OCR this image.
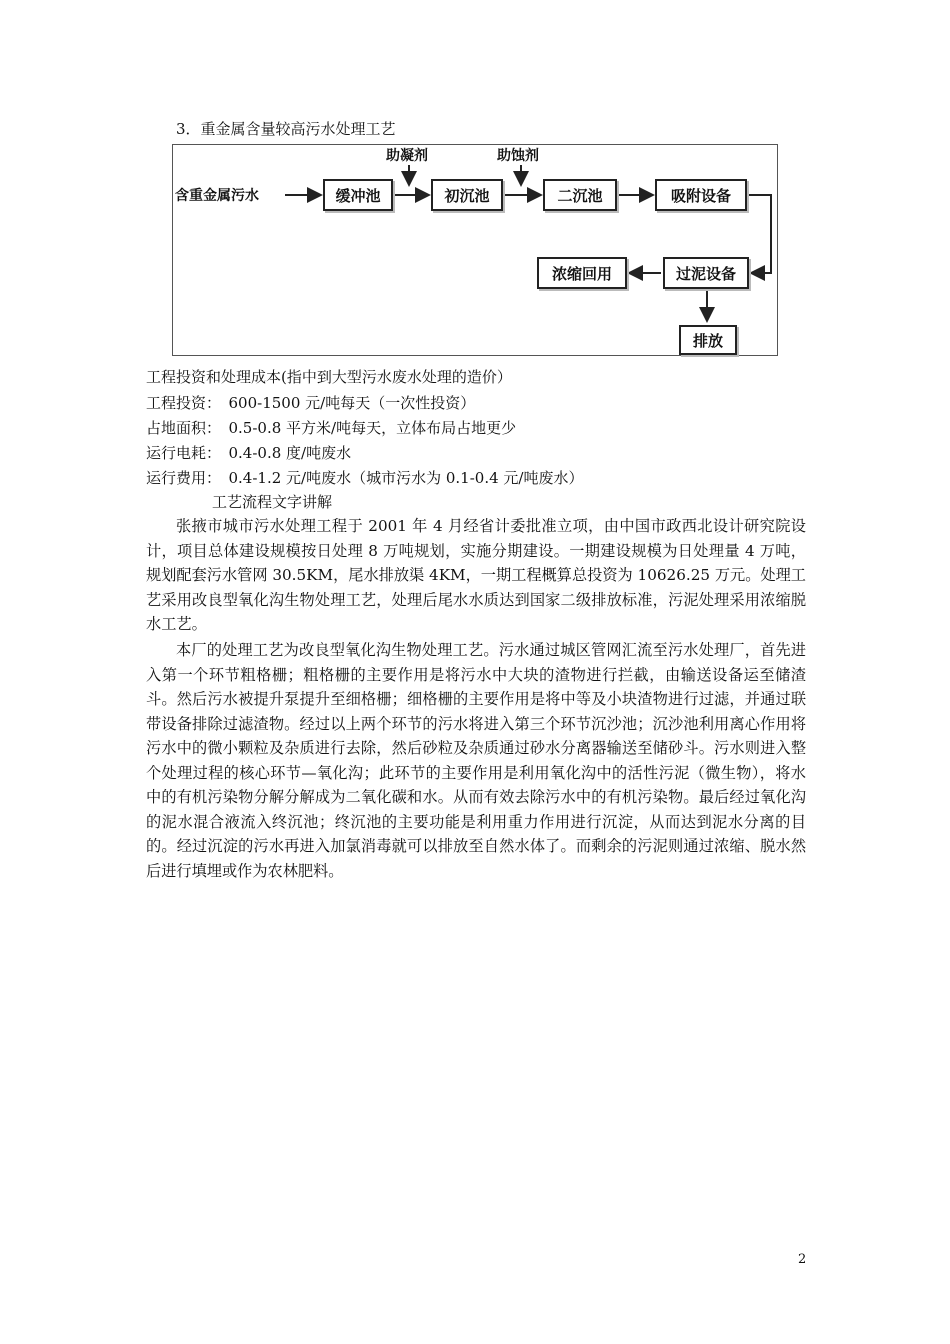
3．重金属含量较高污水处理工艺
含重金属污水
助凝剂	助蚀剂
缓冲池	初沉池	二沉池	吸附设备
过泥设备
浓缩回用
排放
工程投资和处理成本(指中到大型污水废水处理的造价）
工程投资：　600-1500 元/吨每天（一次性投资）
占地面积：　0.5-0.8 平方米/吨每天，立体布局占地更少
运行电耗：　0.4-0.8 度/吨废水
运行费用：　0.4-1.2 元/吨废水（城市污水为 0.1-0.4 元/吨废水）
工艺流程文字讲解

张掖市城市污水处理工程于 2001 年 4 月经省计委批准立项，由中国市政西北设计研究院设计，项目总体建设规模按日处理 8 万吨规划，实施分期建设。一期建设规模为日处理量 4 万吨，规划配套污水管网 30.5KM，尾水排放渠 4KM，一期工程概算总投资为 10626.25 万元。处理工艺采用改良型氧化沟生物处理工艺，处理后尾水水质达到国家二级排放标准，污泥处理采用浓缩脱水工艺。

本厂的处理工艺为改良型氧化沟生物处理工艺。污水通过城区管网汇流至污水处理厂，首先进入第一个环节粗格栅；粗格栅的主要作用是将污水中大块的渣物进行拦截，由输送设备运至储渣斗。然后污水被提升泵提升至细格栅；细格栅的主要作用是将中等及小块渣物进行过滤，并通过联带设备排除过滤渣物。经过以上两个环节的污水将进入第三个环节沉沙池；沉沙池利用离心作用将污水中的微小颗粒及杂质进行去除，然后砂粒及杂质通过砂水分离器输送至储砂斗。污水则进入整个处理过程的核心环节—氧化沟；此环节的主要作用是利用氧化沟中的活性污泥（微生物），将水中的有机污染物分解分解成为二氧化碳和水。从而有效去除污水中的有机污染物。最后经过氧化沟的泥水混合液流入终沉池；终沉池的主要功能是利用重力作用进行沉淀，从而达到泥水分离的目的。经过沉淀的污水再进入加氯消毒就可以排放至自然水体了。而剩余的污泥则通过浓缩、脱水然后进行填埋或作为农林肥料。

2
